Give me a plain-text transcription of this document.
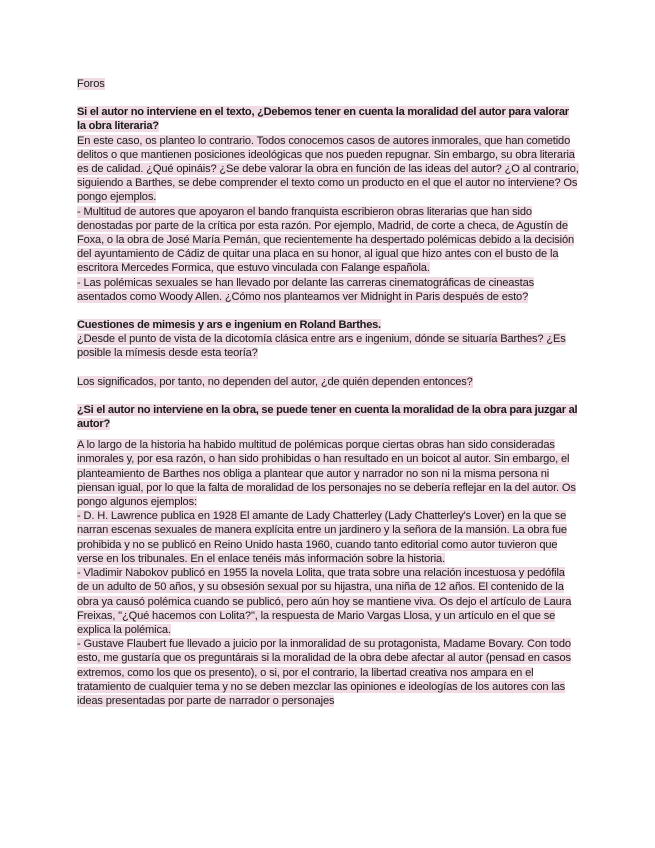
Foros
Si el autor no interviene en el texto, ¿Debemos tener en cuenta la moralidad del autor para valorar la obra literaria?
En este caso, os planteo lo contrario. Todos conocemos casos de autores inmorales, que han cometido delitos o que mantienen posiciones ideológicas que nos pueden repugnar. Sin embargo, su obra literaria es de calidad. ¿Qué opináis? ¿Se debe valorar la obra en función de las ideas del autor? ¿O al contrario, siguiendo a Barthes, se debe comprender el texto como un producto en el que el autor no interviene? Os pongo ejemplos.
- Multitud de autores que apoyaron el bando franquista escribieron obras literarias que han sido denostadas por parte de la crítica por esta razón. Por ejemplo, Madrid, de corte a checa, de Agustín de Foxa, o la obra de José María Pemán, que recientemente ha despertado polémicas debido a la decisión del ayuntamiento de Cádiz de quitar una placa en su honor, al igual que hizo antes con el busto de la escritora Mercedes Formica, que estuvo vinculada con Falange española.
- Las polémicas sexuales se han llevado por delante las carreras cinematográficas de cineastas asentados como Woody Allen. ¿Cómo nos planteamos ver Midnight in Paris después de esto?
Cuestiones de mimesis y ars e ingenium en Roland Barthes.
¿Desde el punto de vista de la dicotomía clásica entre ars e ingenium, dónde se situaría Barthes? ¿Es posible la mímesis desde esta teoría?
Los significados, por tanto, no dependen del autor, ¿de quién dependen entonces?
¿Si el autor no interviene en la obra, se puede tener en cuenta la moralidad de la obra para juzgar al autor?
A lo largo de la historia ha habido multitud de polémicas porque ciertas obras han sido consideradas inmorales y, por esa razón, o han sido prohibidas o han resultado en un boicot al autor. Sin embargo, el planteamiento de Barthes nos obliga a plantear que autor y narrador no son ni la misma persona ni piensan igual, por lo que la falta de moralidad de los personajes no se debería reflejar en la del autor. Os pongo algunos ejemplos:
- D. H. Lawrence publica en 1928 El amante de Lady Chatterley (Lady Chatterley's Lover) en la que se narran escenas sexuales de manera explícita entre un jardinero y la señora de la mansión. La obra fue prohibida y no se publicó en Reino Unido hasta 1960, cuando tanto editorial como autor tuvieron que verse en los tribunales. En el enlace tenéis más información sobre la historia.
- Vladimir Nabokov publicó en 1955 la novela Lolita, que trata sobre una relación incestuosa y pedófila de un adulto de 50 años, y su obsesión sexual por su hijastra, una niña de 12 años. El contenido de la obra ya causó polémica cuando se publicó, pero aún hoy se mantiene viva. Os dejo el artículo de Laura Freixas, "¿Qué hacemos con Lolita?", la respuesta de Mario Vargas Llosa, y un artículo en el que se explica la polémica.
- Gustave Flaubert fue llevado a juicio por la inmoralidad de su protagonista, Madame Bovary. Con todo esto, me gustaría que os preguntárais si la moralidad de la obra debe afectar al autor (pensad en casos extremos, como los que os presento), o si, por el contrario, la libertad creativa nos ampara en el tratamiento de cualquier tema y no se deben mezclar las opiniones e ideologías de los autores con las ideas presentadas por parte de narrador o personajes
